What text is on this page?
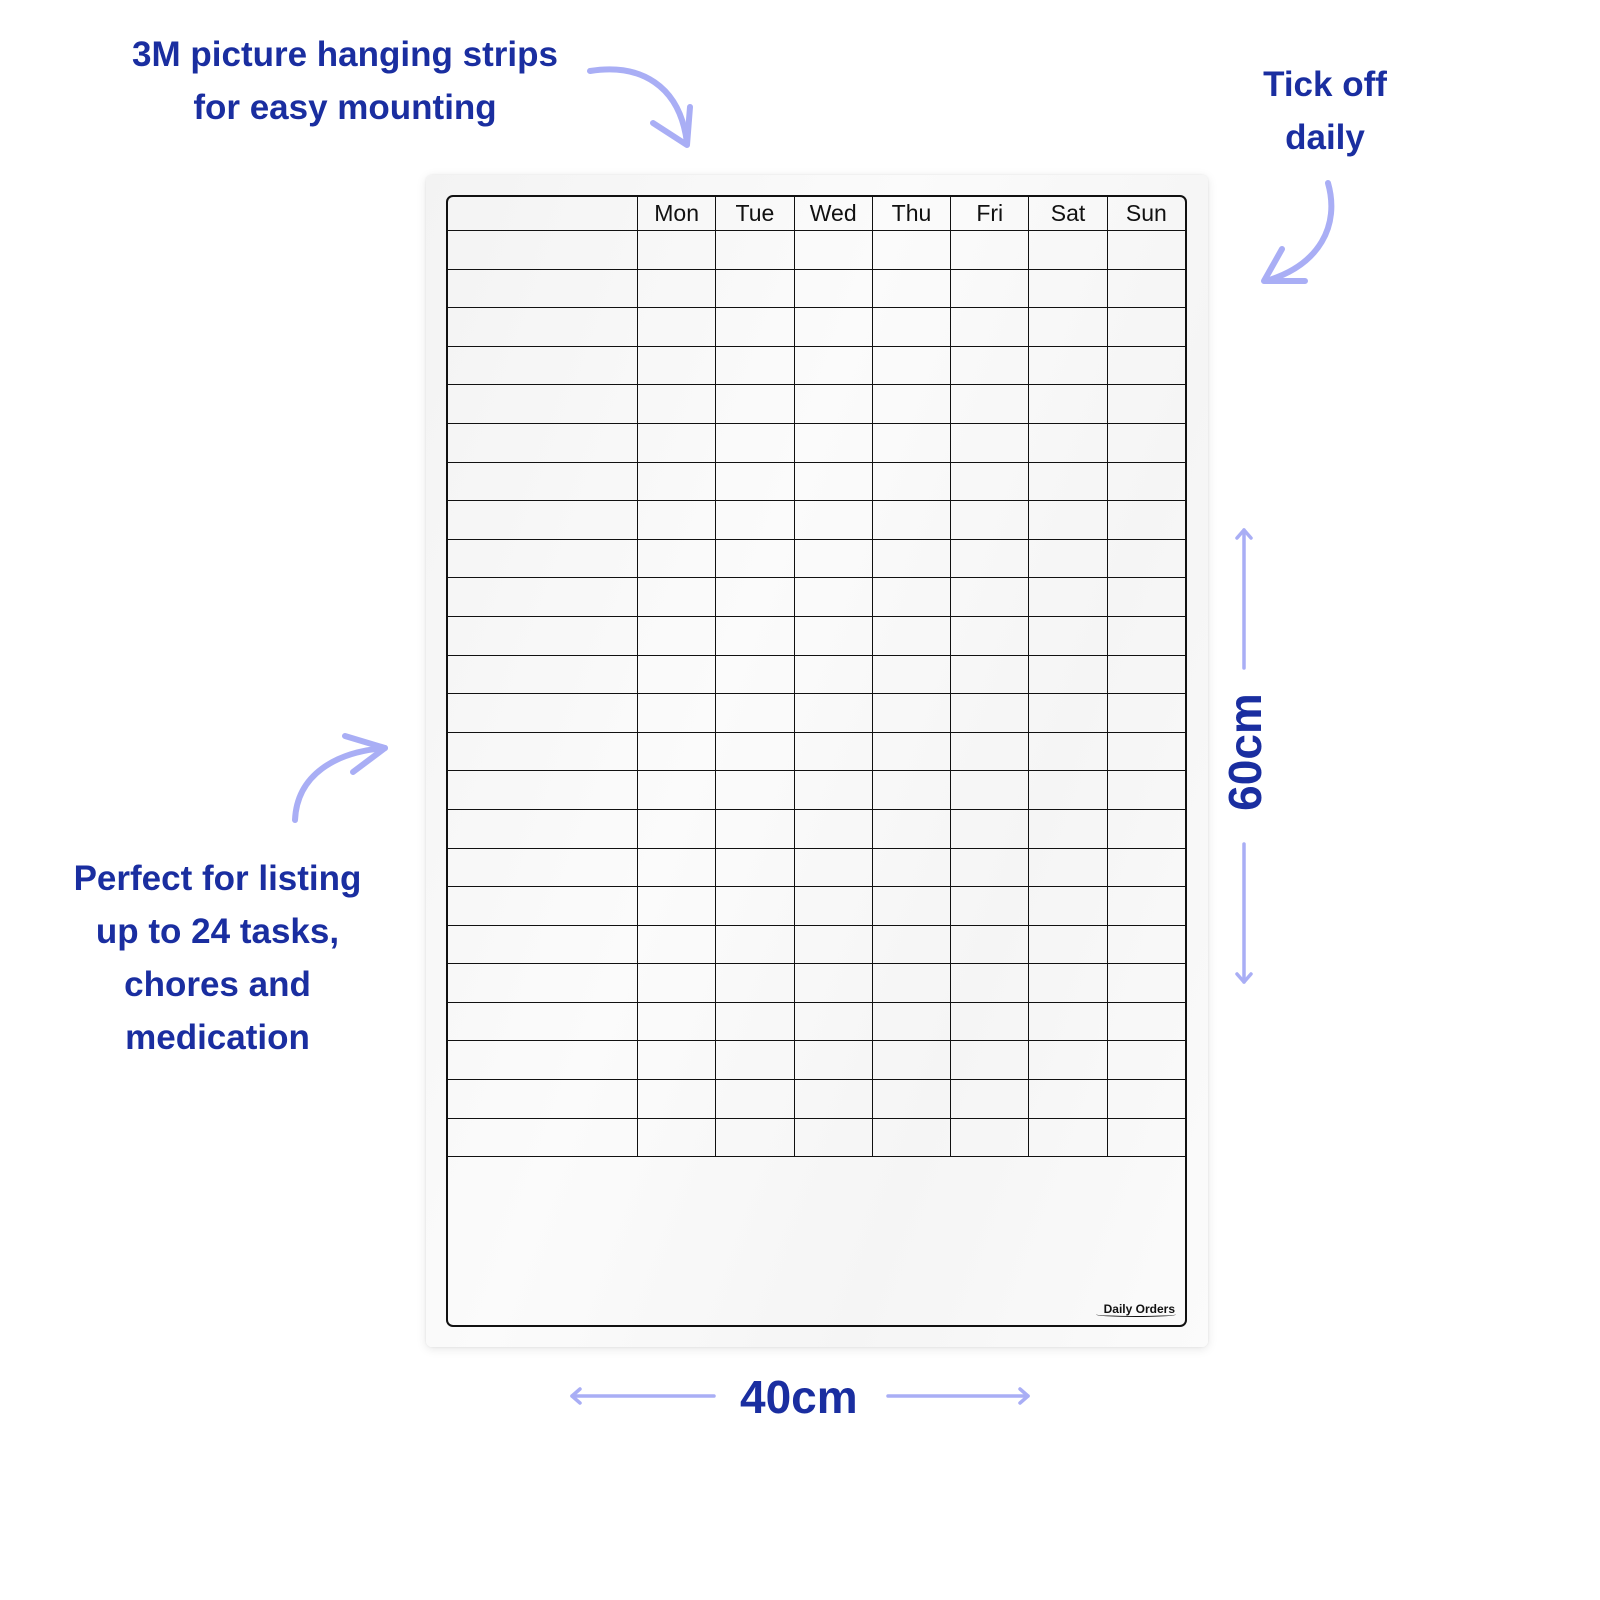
3M picture hanging strips
for easy mounting
Tick off
daily
Perfect for listing
up to 24 tasks,
chores and
medication
	Mon	Tue	Wed	Thu	Fri	Sat	Sun

Daily Orders
60cm
40cm
